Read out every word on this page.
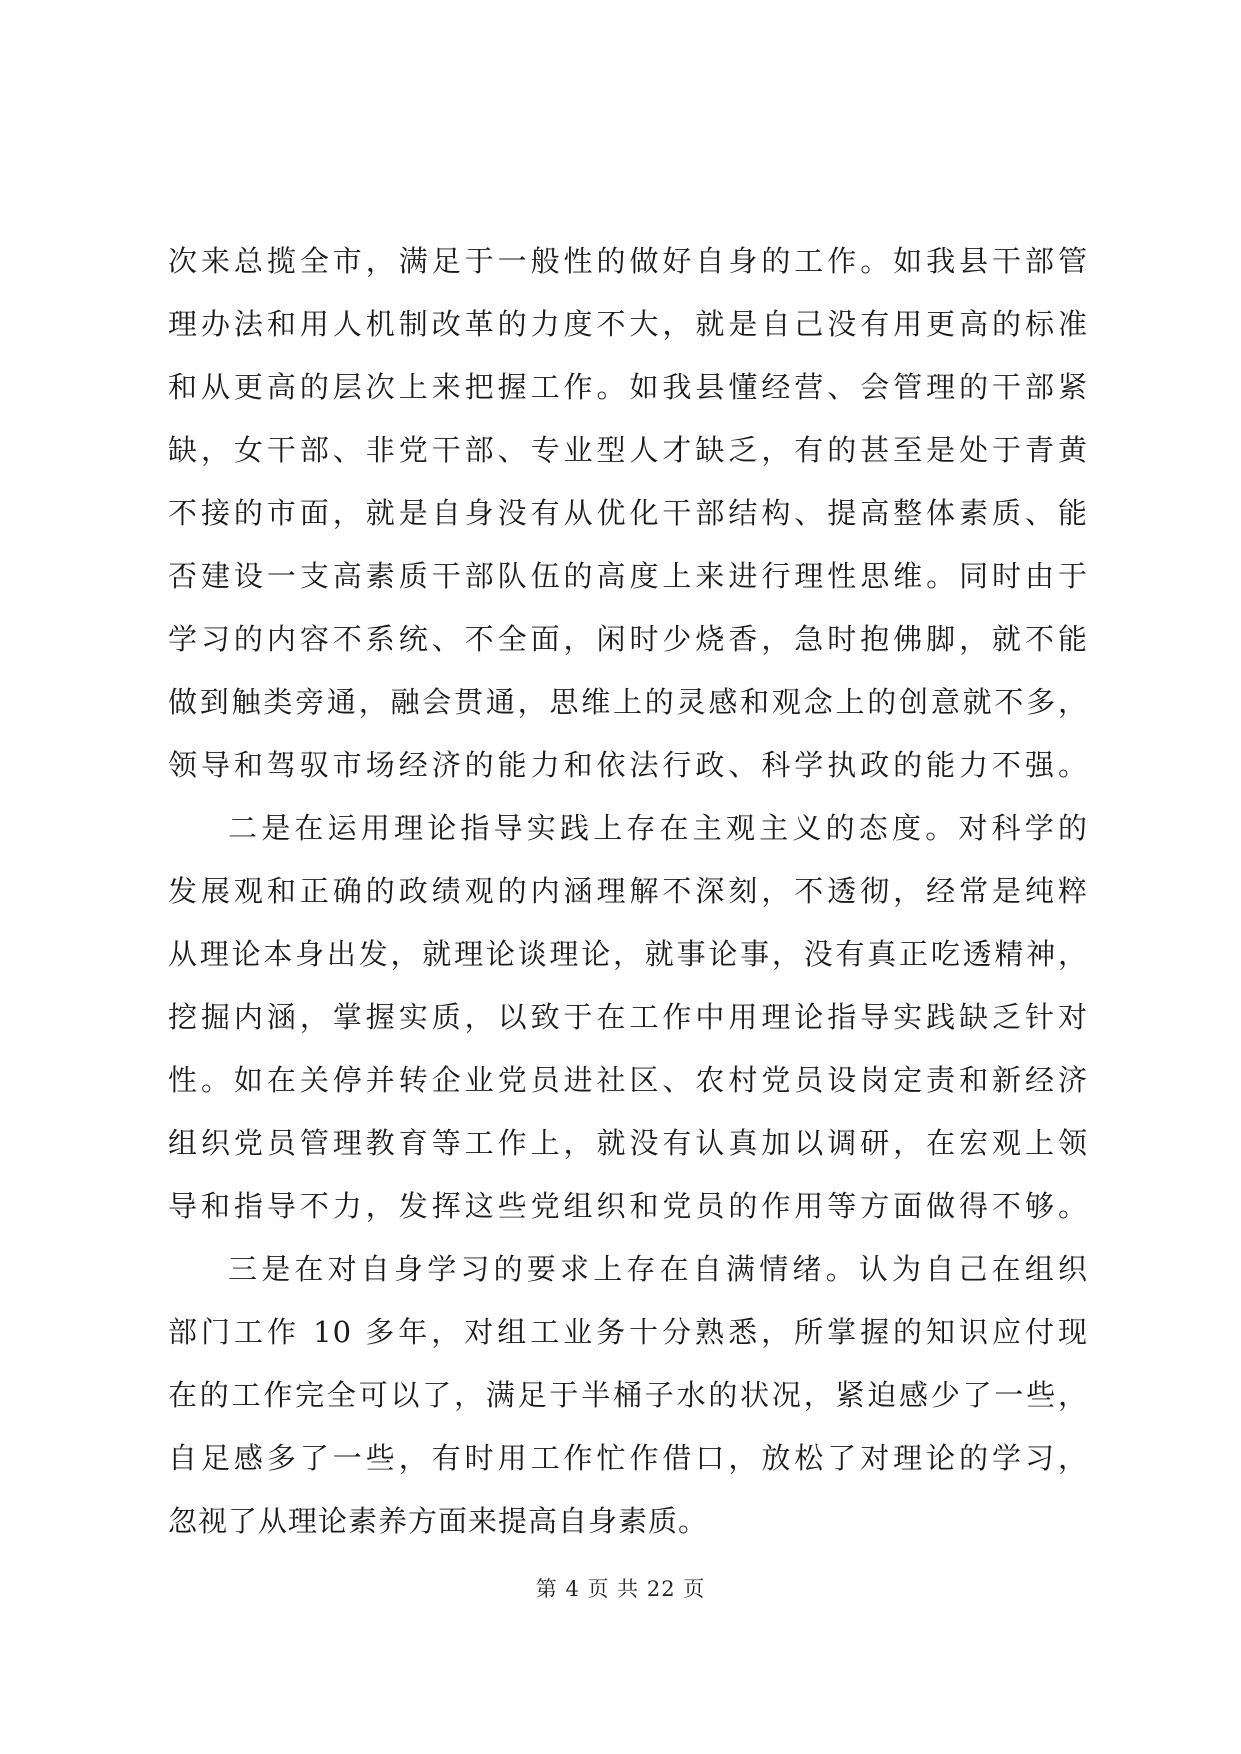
次来总揽全市，满足于一般性的做好自身的工作。如我县干部管
理办法和用人机制改革的力度不大，就是自己没有用更高的标准
和从更高的层次上来把握工作。如我县懂经营、会管理的干部紧
缺，女干部、非党干部、专业型人才缺乏，有的甚至是处于青黄
不接的市面，就是自身没有从优化干部结构、提高整体素质、能
否建设一支高素质干部队伍的高度上来进行理性思维。同时由于
学习的内容不系统、不全面，闲时少烧香，急时抱佛脚，就不能
做到触类旁通，融会贯通，思维上的灵感和观念上的创意就不多，
领导和驾驭市场经济的能力和依法行政、科学执政的能力不强。
二是在运用理论指导实践上存在主观主义的态度。对科学的
发展观和正确的政绩观的内涵理解不深刻，不透彻，经常是纯粹
从理论本身出发，就理论谈理论，就事论事，没有真正吃透精神，
挖掘内涵，掌握实质，以致于在工作中用理论指导实践缺乏针对
性。如在关停并转企业党员进社区、农村党员设岗定责和新经济
组织党员管理教育等工作上，就没有认真加以调研，在宏观上领
导和指导不力，发挥这些党组织和党员的作用等方面做得不够。
三是在对自身学习的要求上存在自满情绪。认为自己在组织
部门工作 10 多年，对组工业务十分熟悉，所掌握的知识应付现
在的工作完全可以了，满足于半桶子水的状况，紧迫感少了一些，
自足感多了一些，有时用工作忙作借口，放松了对理论的学习，
忽视了从理论素养方面来提高自身素质。
第 4 页 共 22 页
